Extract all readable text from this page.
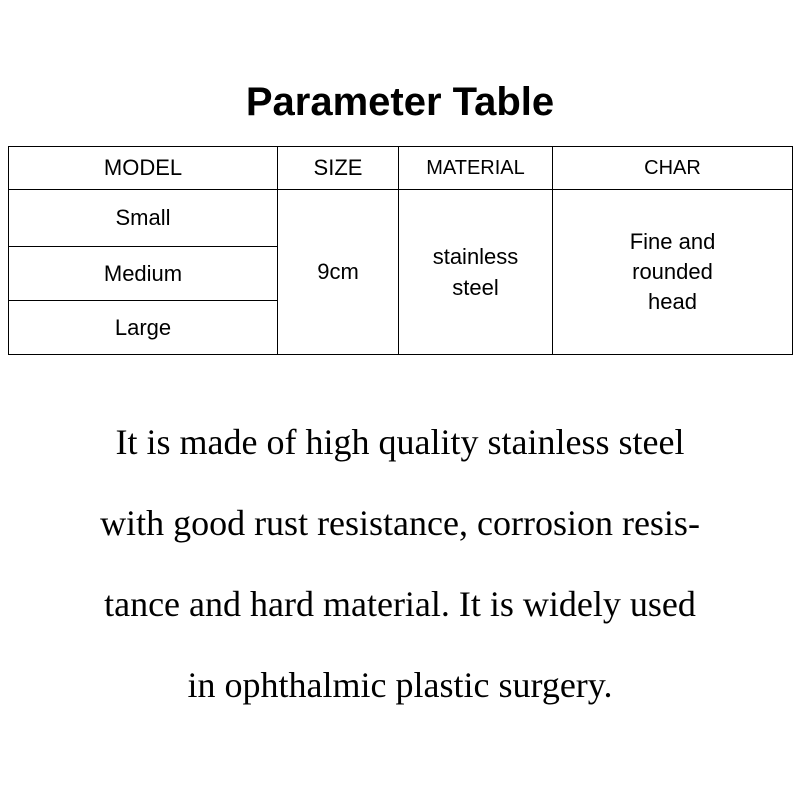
Parameter Table
MODEL	SIZE	MATERIAL	CHAR
Small	9cm	stainless steel	Fine and rounded head
Medium			
Large			
It is made of high quality stainless steel
with good rust resistance, corrosion resis-
tance and hard material. It is widely used
in ophthalmic plastic surgery.
